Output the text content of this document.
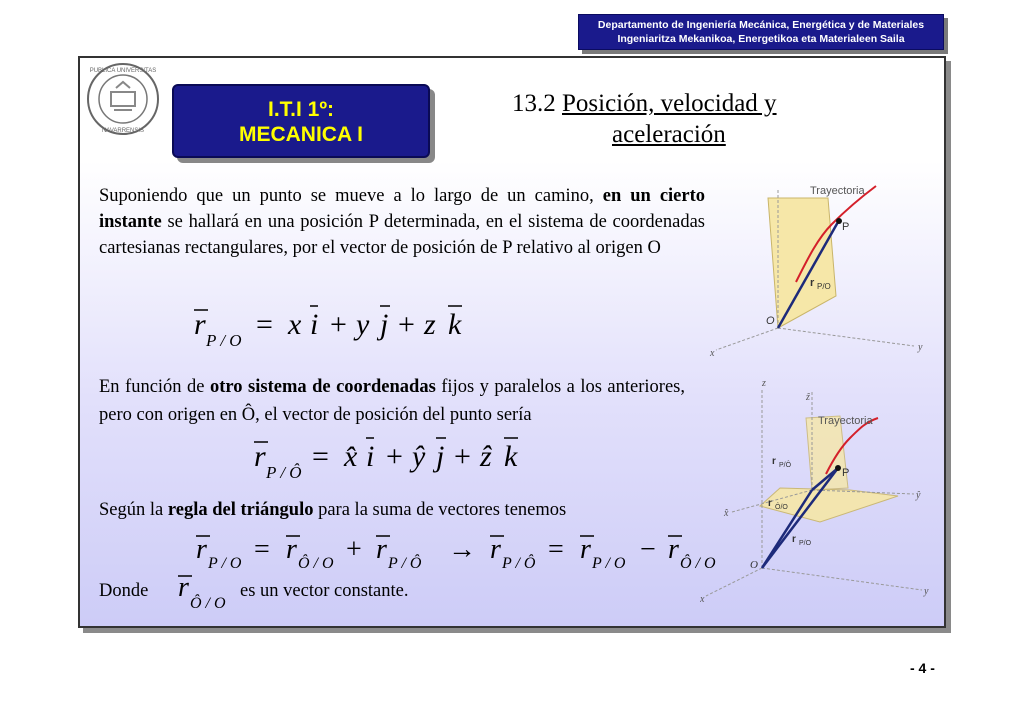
Departamento de Ingeniería Mecánica, Energética y de Materiales
Ingeniaritza Mekanikoa, Energetikoa eta Materialeen Saila
PUBLICA UNIVERSITAS
NAVARRENSIS
I.T.I 1º:
MECANICA I
13.2 Posición, velocidad y
aceleración
Suponiendo que un punto se mueve a lo largo de un camino, en un cierto instante se hallará en una posición P determinada, en el sistema de coordenadas cartesianas rectangulares, por el vector de posición de P relativo al origen O
r P / O = x i + y j + z k
En función de otro sistema de coordenadas fijos y paralelos a los anteriores, pero con origen en Ô, el vector de posición del punto sería
r P / Ô = x̂ i + ŷ j + ẑ k
Según la regla del triángulo para la suma de vectores tenemos
r P / O = r Ô / O + r P / Ô → r P / Ô = r P / O − r Ô / O
Donde r
Ô / O
es un vector constante.
Trayectoria
P
O
r P/O
x
y
Trayectoria
P
O
z
x
y
ẑ
x̂
ŷ
r P/Ô
r Ô/O
r P/O
- 4 -
